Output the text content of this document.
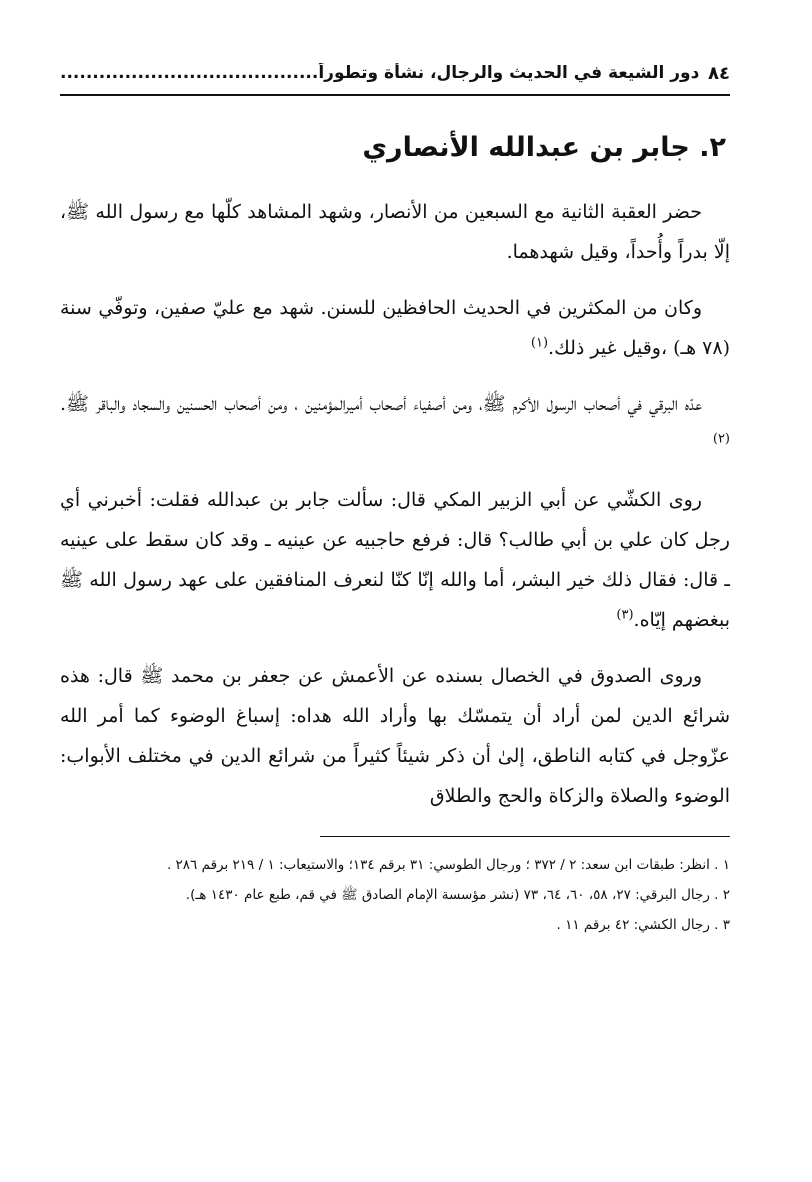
٨٤
دور الشيعة في الحديث والرجال، نشأة وتطوراً........................................
٢. جابر بن عبدالله الأنصاري

حضر العقبة الثانية مع السبعين من الأنصار، وشهد المشاهد كلّها مع رسول الله ﷺ، إلّا بدراً وأُحداً، وقيل شهدهما.

وكان من المكثرين في الحديث الحافظين للسنن. شهد مع عليّ صفين، وتوفّي سنة (٧٨ هـ) ،وقيل غير ذلك.$^{(١)}$

عدّه البرقي في أصحاب الرسول الأكرم ﷺ، ومن أصفياء أصحاب أميرالمؤمنين ، ومن أصحاب الحسنين والسجاد والباقر ﷺ.$^{(٢)}$

روى الكشّي عن أبي الزبير المكي قال: سألت جابر بن عبدالله فقلت: أخبرني أي رجل كان علي بن أبي طالب؟ قال: فرفع حاجبيه عن عينيه ـ وقد كان سقط على عينيه ـ قال: فقال ذلك خير البشر، أما والله إنّا كنّا لنعرف المنافقين على عهد رسول الله ﷺ ببغضهم إيّاه.$^{(٣)}$

وروى الصدوق في الخصال بسنده عن الأعمش عن جعفر بن محمد ﷺ قال: هذه شرائع الدين لمن أراد أن يتمسّك بها وأراد الله هداه: إسباغ الوضوء كما أمر الله عزّوجل في كتابه الناطق، إلىٰ أن ذكر شيئاً كثيراً من شرائع الدين في مختلف الأبواب: الوضوء والصلاة والزكاة والحج والطلاق

١ . انظر: طبقات ابن سعد: ٢ / ٣٧٢ ؛ ورجال الطوسي: ٣١ برقم ١٣٤؛ والاستيعاب: ١ / ٢١٩ برقم ٢٨٦ .

٢ . رجال البرقي: ٢٧، ٥٨، ٦٠، ٦٤، ٧٣ (نشر مؤسسة الإمام الصادق ﷺ في قم، طبع عام ١٤٣٠ هـ).

٣ . رجال الكشي: ٤٢ برقم ١١ .
